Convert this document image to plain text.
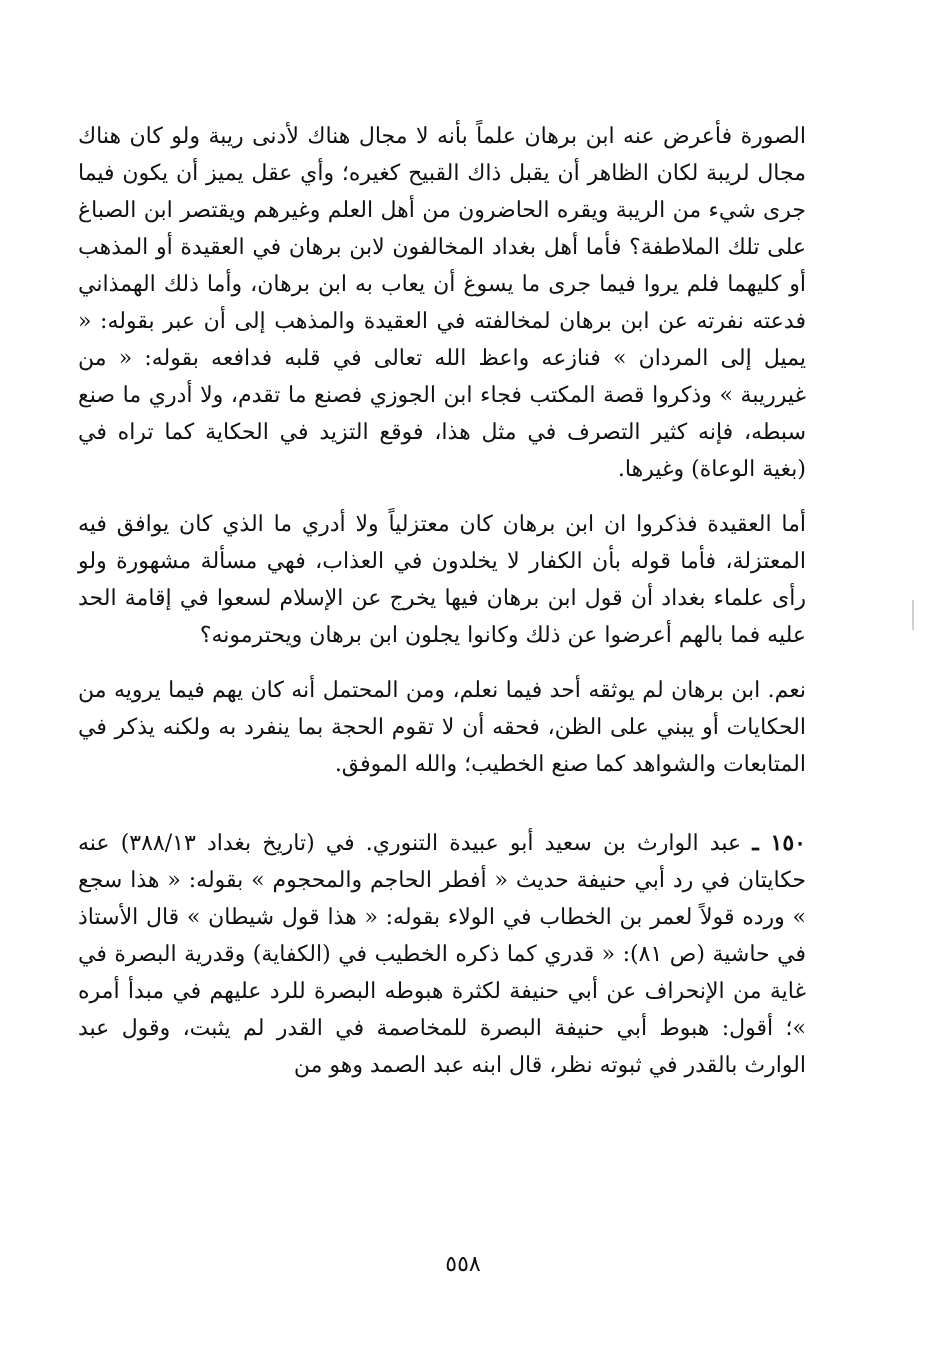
الصورة فأعرض عنه ابن برهان علماً بأنه لا مجال هناك لأدنى ريبة ولو كان هناك مجال لريبة لكان الظاهر أن يقبل ذاك القبيح كغيره؛ وأي عقل يميز أن يكون فيما جرى شيء من الريبة ويقره الحاضرون من أهل العلم وغيرهم ويقتصر ابن الصباغ على تلك الملاطفة؟ فأما أهل بغداد المخالفون لابن برهان في العقيدة أو المذهب أو كليهما فلم يروا فيما جرى ما يسوغ أن يعاب به ابن برهان، وأما ذلك الهمذاني فدعته نفرته عن ابن برهان لمخالفته في العقيدة والمذهب إلى أن عبر بقوله: « يميل إلى المردان » فنازعه واعظ الله تعالى في قلبه فدافعه بقوله: « من غيرريبة » وذكروا قصة المكتب فجاء ابن الجوزي فصنع ما تقدم، ولا أدري ما صنع سبطه، فإنه كثير التصرف في مثل هذا، فوقع التزيد في الحكاية كما تراه في (بغية الوعاة) وغيرها.

أما العقيدة فذكروا ان ابن برهان كان معتزلياً ولا أدري ما الذي كان يوافق فيه المعتزلة، فأما قوله بأن الكفار لا يخلدون في العذاب، فهي مسألة مشهورة ولو رأى علماء بغداد أن قول ابن برهان فيها يخرج عن الإسلام لسعوا في إقامة الحد عليه فما بالهم أعرضوا عن ذلك وكانوا يجلون ابن برهان ويحترمونه؟

نعم. ابن برهان لم يوثقه أحد فيما نعلم، ومن المحتمل أنه كان يهم فيما يرويه من الحكايات أو يبني على الظن، فحقه أن لا تقوم الحجة بما ينفرد به ولكنه يذكر في المتابعات والشواهد كما صنع الخطيب؛ والله الموفق.

١٥٠ ـ عبد الوارث بن سعيد أبو عبيدة التنوري. في (تاريخ بغداد ٣٨٨/١٣) عنه حكايتان في رد أبي حنيفة حديث « أفطر الحاجم والمحجوم » بقوله: « هذا سجع » ورده قولاً لعمر بن الخطاب في الولاء بقوله: « هذا قول شيطان » قال الأستاذ في حاشية (ص ٨١): « قدري كما ذكره الخطيب في (الكفاية) وقدرية البصرة في غاية من الإنحراف عن أبي حنيفة لكثرة هبوطه البصرة للرد عليهم في مبدأ أمره »؛ أقول: هبوط أبي حنيفة البصرة للمخاصمة في القدر لم يثبت، وقول عبد الوارث بالقدر في ثبوته نظر، قال ابنه عبد الصمد وهو من

٥٥٨
